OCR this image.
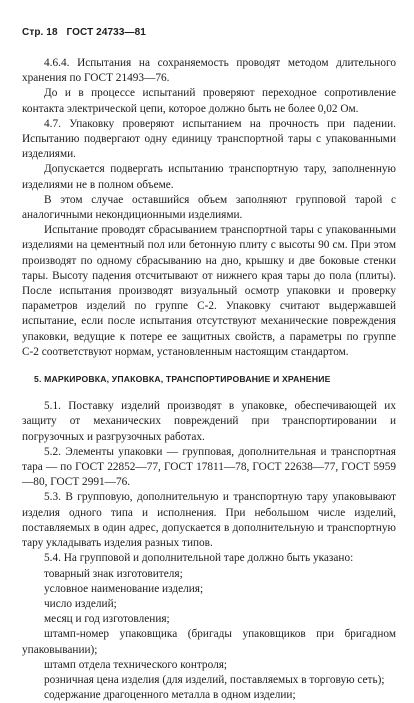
Стр. 18 ГОСТ 24733—81

4.6.4. Испытания на сохраняемость проводят методом длительного хранения по ГОСТ 21493—76.

До и в процессе испытаний проверяют переходное сопротивление контакта электрической цепи, которое должно быть не более 0,02 Ом.

4.7. Упаковку проверяют испытанием на прочность при падении. Испытанию подвергают одну единицу транспортной тары с упакованными изделиями.

Допускается подвергать испытанию транспортную тару, заполненную изделиями не в полном объеме.

В этом случае оставшийся объем заполняют групповой тарой с аналогичными некондиционными изделиями.

Испытание проводят сбрасыванием транспортной тары с упакованными изделиями на цементный пол или бетонную плиту с высоты 90 см. При этом производят по одному сбрасыванию на дно, крышку и две боковые стенки тары. Высоту падения отсчитывают от нижнего края тары до пола (плиты). После испытания производят визуальный осмотр упаковки и проверку параметров изделий по группе С-2. Упаковку считают выдержавшей испытание, если после испытания отсутствуют механические повреждения упаковки, ведущие к потере ее защитных свойств, а параметры по группе С-2 соответствуют нормам, установленным настоящим стандартом.

5. МАРКИРОВКА, УПАКОВКА, ТРАНСПОРТИРОВАНИЕ И ХРАНЕНИЕ

5.1. Поставку изделий производят в упаковке, обеспечивающей их защиту от механических повреждений при транспортировании и погрузочных и разгрузочных работах.

5.2. Элементы упаковки — групповая, дополнительная и транспортная тара — по ГОСТ 22852—77, ГОСТ 17811—78, ГОСТ 22638—77, ГОСТ 5959—80, ГОСТ 2991—76.

5.3. В групповую, дополнительную и транспортную тару упаковывают изделия одного типа и исполнения. При небольшом числе изделий, поставляемых в один адрес, допускается в дополнительную и транспортную тару укладывать изделия разных типов.

5.4. На групповой и дополнительной таре должно быть указано:

товарный знак изготовителя;

условное наименование изделия;

число изделий;

месяц и год изготовления;

штамп-номер упаковщика (бригады упаковщиков при бригадном упаковывании);

штамп отдела технического контроля;

розничная цена изделия (для изделий, поставляемых в торговую сеть);

содержание драгоценного металла в одном изделии;
